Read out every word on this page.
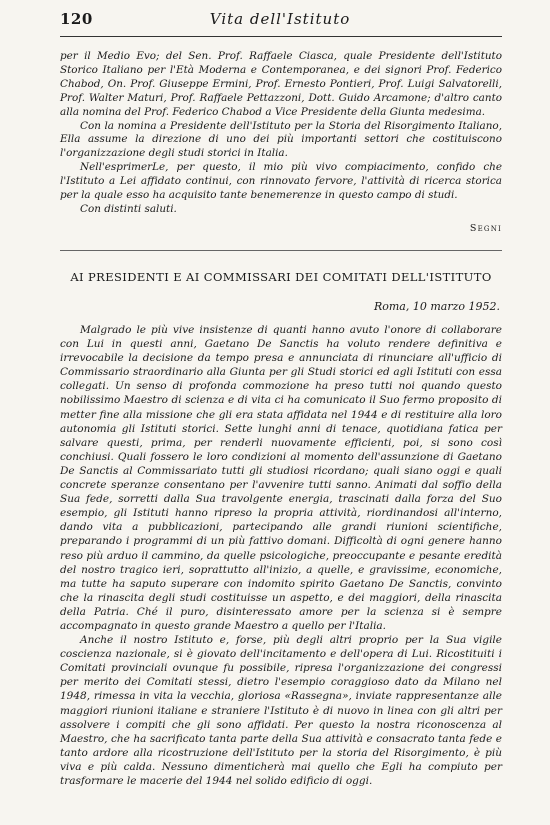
120	Vita dell'Istituto

per il Medio Evo; del Sen. Prof. Raffaele Ciasca, quale Presidente dell'Istituto Storico Italiano per l'Età Moderna e Contemporanea, e dei signori Prof. Federico Chabod, On. Prof. Giuseppe Ermini, Prof. Ernesto Pontieri, Prof. Luigi Salvatorelli, Prof. Walter Maturi, Prof. Raffaele Pettazzoni, Dott. Guido Arcamone; d'altro canto alla nomina del Prof. Federico Chabod a Vice Presidente della Giunta medesima.

Con la nomina a Presidente dell'Istituto per la Storia del Risorgimento Italiano, Ella assume la direzione di uno dei più importanti settori che costituiscono l'organizzazione degli studi storici in Italia.

Nell'esprimerLe, per questo, il mio più vivo compiacimento, confido che l'Istituto a Lei affidato continui, con rinnovato fervore, l'attività di ricerca storica per la quale esso ha acquisito tante benemerenze in questo campo di studi.

Con distinti saluti.

Segni

AI PRESIDENTI E AI COMMISSARI DEI COMITATI DELL'ISTITUTO
Roma, 10 marzo 1952.

Malgrado le più vive insistenze di quanti hanno avuto l'onore di collaborare con Lui in questi anni, Gaetano De Sanctis ha voluto rendere definitiva e irrevocabile la decisione da tempo presa e annunciata di rinunciare all'ufficio di Commissario straordinario alla Giunta per gli Studi storici ed agli Istituti con essa collegati. Un senso di profonda commozione ha preso tutti noi quando questo nobilissimo Maestro di scienza e di vita ci ha comunicato il Suo fermo proposito di metter fine alla missione che gli era stata affidata nel 1944 e di restituire alla loro autonomia gli Istituti storici. Sette lunghi anni di tenace, quotidiana fatica per salvare questi, prima, per renderli nuovamente efficienti, poi, si sono così conchiusi. Quali fossero le loro condizioni al momento dell'assunzione di Gaetano De Sanctis al Commissariato tutti gli studiosi ricordano; quali siano oggi e quali concrete speranze consentano per l'avvenire tutti sanno. Animati dal soffio della Sua fede, sorretti dalla Sua travolgente energia, trascinati dalla forza del Suo esempio, gli Istituti hanno ripreso la propria attività, riordinandosi all'interno, dando vita a pubblicazioni, partecipando alle grandi riunioni scientifiche, preparando i programmi di un più fattivo domani. Difficoltà di ogni genere hanno reso più arduo il cammino, da quelle psicologiche, preoccupante e pesante eredità del nostro tragico ieri, soprattutto all'inizio, a quelle, e gravissime, economiche, ma tutte ha saputo superare con indomito spirito Gaetano De Sanctis, convinto che la rinascita degli studi costituisse un aspetto, e dei maggiori, della rinascita della Patria. Ché il puro, disinteressato amore per la scienza si è sempre accompagnato in questo grande Maestro a quello per l'Italia.

Anche il nostro Istituto e, forse, più degli altri proprio per la Sua vigile coscienza nazionale, si è giovato dell'incitamento e dell'opera di Lui. Ricostituiti i Comitati provinciali ovunque fu possibile, ripresa l'organizzazione dei congressi per merito dei Comitati stessi, dietro l'esempio coraggioso dato da Milano nel 1948, rimessa in vita la vecchia, gloriosa «Rassegna», inviate rappresentanze alle maggiori riunioni italiane e straniere l'Istituto è di nuovo in linea con gli altri per assolvere i compiti che gli sono affidati. Per questo la nostra riconoscenza al Maestro, che ha sacrificato tanta parte della Sua attività e consacrato tanta fede e tanto ardore alla ricostruzione dell'Istituto per la storia del Risorgimento, è più viva e più calda. Nessuno dimenticherà mai quello che Egli ha compiuto per trasformare le macerie del 1944 nel solido edificio di oggi.
